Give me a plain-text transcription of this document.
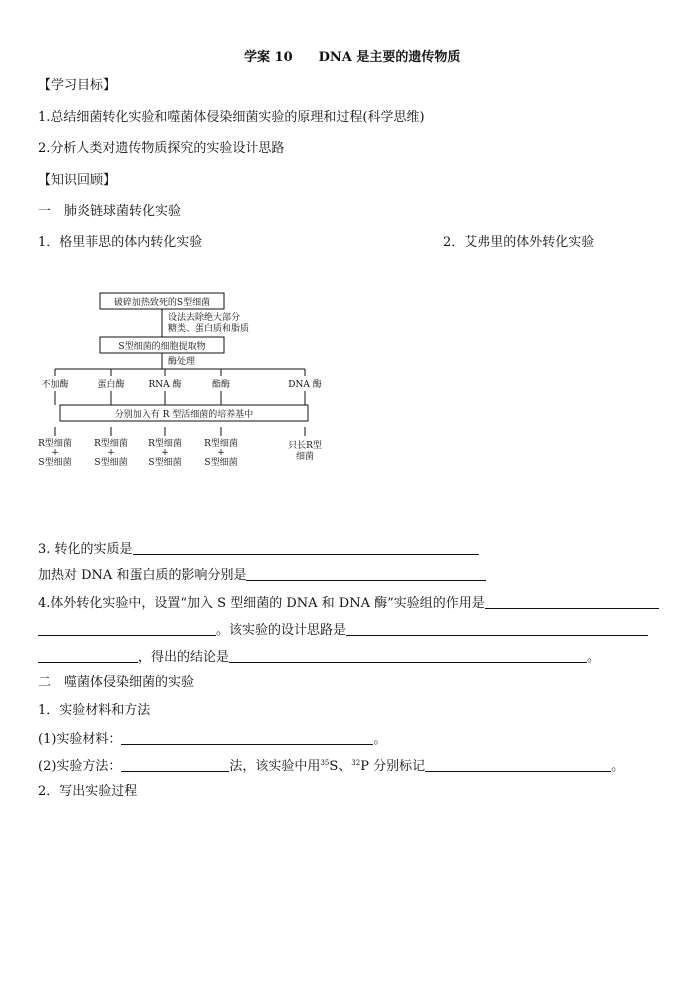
学案 10　　DNA 是主要的遗传物质
【学习目标】
1.总结细菌转化实验和噬菌体侵染细菌实验的原理和过程(科学思维)
2.分析人类对遗传物质探究的实验设计思路
【知识回顾】
一　肺炎链球菌转化实验
1．格里菲思的体内转化实验	2．艾弗里的体外转化实验
破碎加热致死的S型细菌
设法去除绝大部分
糖类、蛋白质和脂质
S型细菌的细胞提取物
酶处理
不加酶	蛋白酶	RNA 酶	酯酶	DNA 酶
分别加入有 R 型活细菌的培养基中
R型细菌
+
S型细菌
R型细菌
+
S型细菌
R型细菌
+
S型细菌
R型细菌
+
S型细菌
只长R型
细菌
3. 转化的实质是
加热对 DNA 和蛋白质的影响分别是
4.体外转化实验中，设置“加入 S 型细菌的 DNA 和 DNA 酶”实验组的作用是
。该实验的设计思路是
，得出的结论是	。
二　噬菌体侵染细菌的实验
1．实验材料和方法
(1)实验材料：	。
(2)实验方法：	法，该实验中用$^{35}$S、$^{32}$P 分别标记	。
2．写出实验过程
